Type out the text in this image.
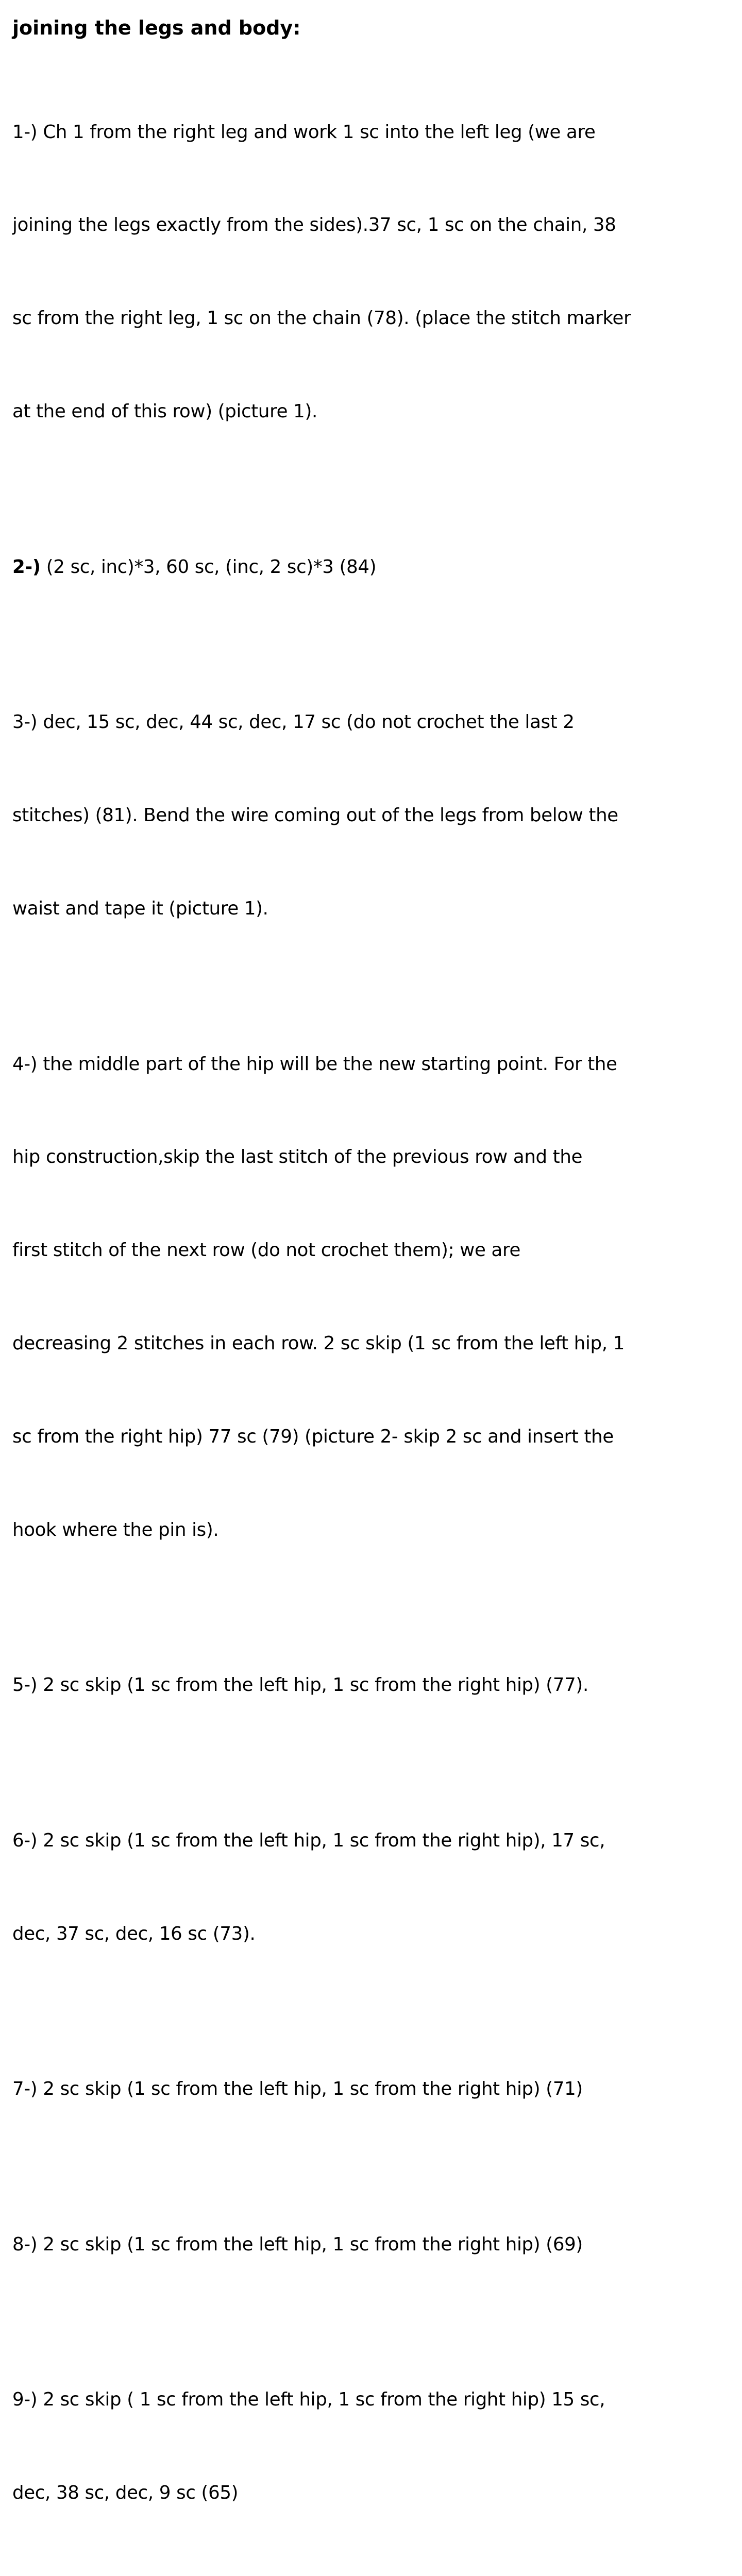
joining the legs and body:

1-) Ch 1 from the right leg and work 1 sc into the left leg (we are

joining the legs exactly from the sides).37 sc, 1 sc on the chain, 38

sc from the right leg, 1 sc on the chain (78). (place the stitch marker

at the end of this row) (picture 1).

2-) (2 sc, inc)*3, 60 sc, (inc, 2 sc)*3 (84)

3-) dec, 15 sc, dec, 44 sc, dec, 17 sc (do not crochet the last 2

stitches) (81). Bend the wire coming out of the legs from below the

waist and tape it (picture 1).

4-) the middle part of the hip will be the new starting point. For the

hip construction,skip the last stitch of the previous row and the

first stitch of the next row (do not crochet them); we are

decreasing 2 stitches in each row. 2 sc skip (1 sc from the left hip, 1

sc from the right hip) 77 sc (79) (picture 2- skip 2 sc and insert the

hook where the pin is).

5-) 2 sc skip (1 sc from the left hip, 1 sc from the right hip) (77).

6-) 2 sc skip (1 sc from the left hip, 1 sc from the right hip), 17 sc,

dec, 37 sc, dec, 16 sc (73).

7-) 2 sc skip (1 sc from the left hip, 1 sc from the right hip) (71)

8-) 2 sc skip (1 sc from the left hip, 1 sc from the right hip) (69)

9-) 2 sc skip ( 1 sc from the left hip, 1 sc from the right hip) 15 sc,

dec, 38 sc, dec, 9 sc (65)
